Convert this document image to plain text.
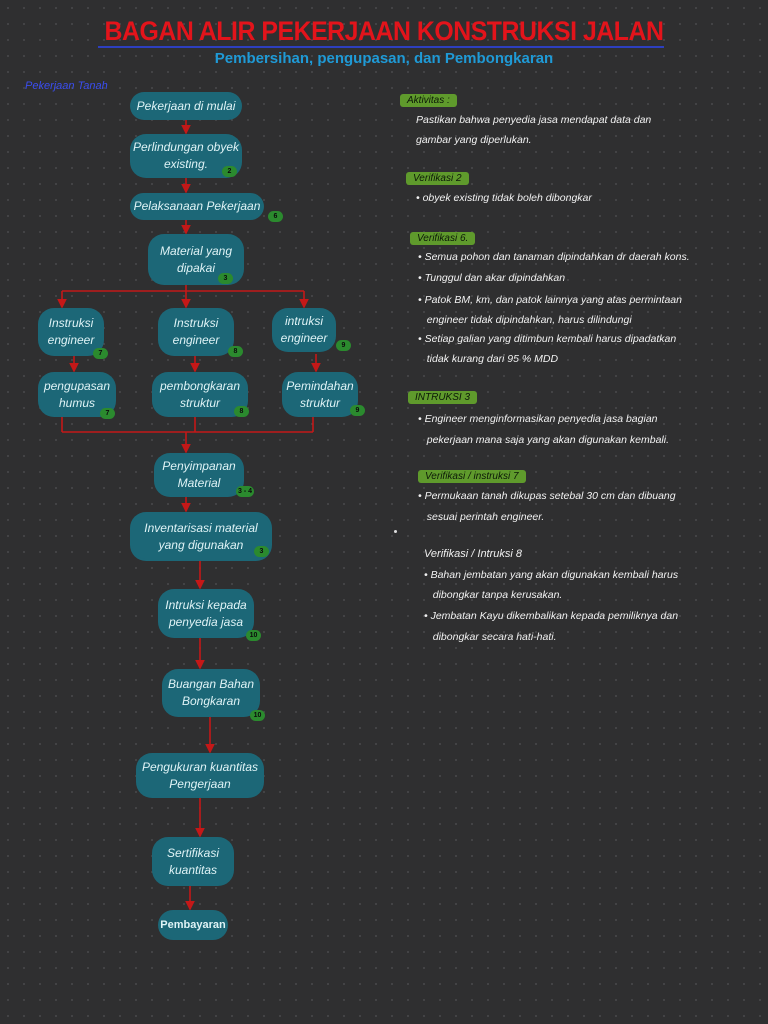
BAGAN ALIR PEKERJAAN KONSTRUKSI JALAN
Pembersihan, pengupasan, dan Pembongkaran
Pekerjaan Tanah
Pekerjaan di mulai
Perlindungan obyek
existing.
2
Pelaksanaan Pekerjaan
6
Material yang
dipakai
3
Instruksi
engineer
7
Instruksi
engineer
8
intruksi
engineer
9
pengupasan
humus
7
pembongkaran
struktur
8
Pemindahan
struktur
9
Penyimpanan
Material
3 - 4
Inventarisasi material
yang digunakan	3
Intruksi kepada
penyedia jasa
10
Buangan Bahan
Bongkaran
10
Pengukuran kuantitas
Pengerjaan
Sertifikasi
kuantitas
Pembayaran
Aktivitas :
Pastikan bahwa penyedia jasa mendapat data dan
gambar yang diperlukan.
Verifikasi 2
• obyek existing tidak boleh dibongkar
Verifikasi 6.
• Semua pohon dan tanaman dipindahkan dr daerah kons.
• Tunggul dan akar dipindahkan
• Patok BM, km, dan patok lainnya yang atas permintaan
engineer tidak dipindahkan, harus dilindungi
• Setiap galian yang ditimbun kembali harus dipadatkan
tidak kurang dari 95 % MDD
INTRUKSI 3
• Engineer menginformasikan penyedia jasa bagian
pekerjaan mana saja yang akan digunakan kembali.
Verifikasi / instruksi 7
• Permukaan tanah dikupas setebal 30 cm dan dibuang
sesuai perintah engineer.
Verifikasi / Intruksi 8
• Bahan jembatan yang akan digunakan kembali harus
dibongkar tanpa kerusakan.
• Jembatan Kayu dikembalikan kepada pemiliknya dan
dibongkar secara hati-hati.
